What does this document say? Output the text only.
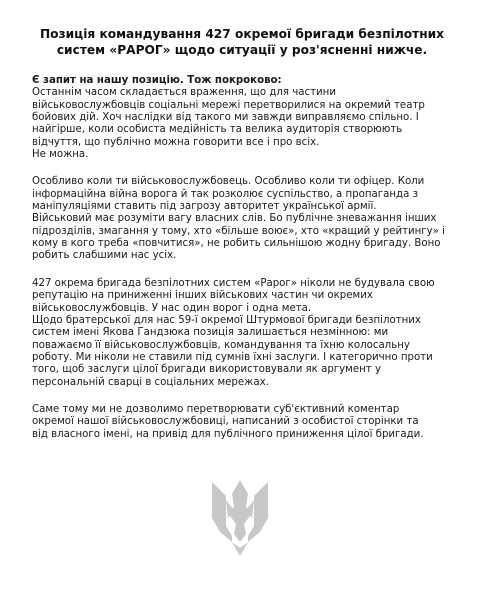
Позиція командування 427 окремої бригади безпілотних
систем «РАРОГ» щодо ситуації у роз'ясненні нижче.

Є запит на нашу позицію. Тож покроково:
Останнім часом складається враження, що для частини
військовослужбовців соціальні мережі перетворилися на окремий театр
бойових дій. Хоч наслідки від такого ми завжди виправляємо спільно. І
найгірше, коли особиста медійність та велика аудиторія створюють
відчуття, що публічно можна говорити все і про всіх.
Не можна.

Особливо коли ти військовослужбовець. Особливо коли ти офіцер. Коли
інформаційна війна ворога й так розколює суспільство, а пропаганда з
маніпуляціями ставить під загрозу авторитет української армії.
Військовий має розуміти вагу власних слів. Бо публічне зневажання інших
підрозділів, змагання у тому, хто «більше воює», хто «кращий у рейтингу» і
кому в кого треба «повчитися», не робить сильнішою жодну бригаду. Воно
робить слабшими нас усіх.

427 окрема бригада безпілотних систем «Рарог» ніколи не будувала свою
репутацію на приниженні інших військових частин чи окремих
військовослужбовців. У нас один ворог і одна мета.
Щодо братерської для нас 59-ї окремої Штурмової бригади безпілотних
систем імені Якова Гандзюка позиція залишається незмінною: ми
поважаємо її військовослужбовців, командування та їхню колосальну
роботу. Ми ніколи не ставили під сумнів їхні заслуги. І категорично проти
того, щоб заслуги цілої бригади використовували як аргумент у
персональній сварці в соціальних мережах.

Саме тому ми не дозволимо перетворювати суб'єктивний коментар
окремої нашої військовослужбовиці, написаний з особистої сторінки та
від власного імені, на привід для публічного приниження цілої бригади.
